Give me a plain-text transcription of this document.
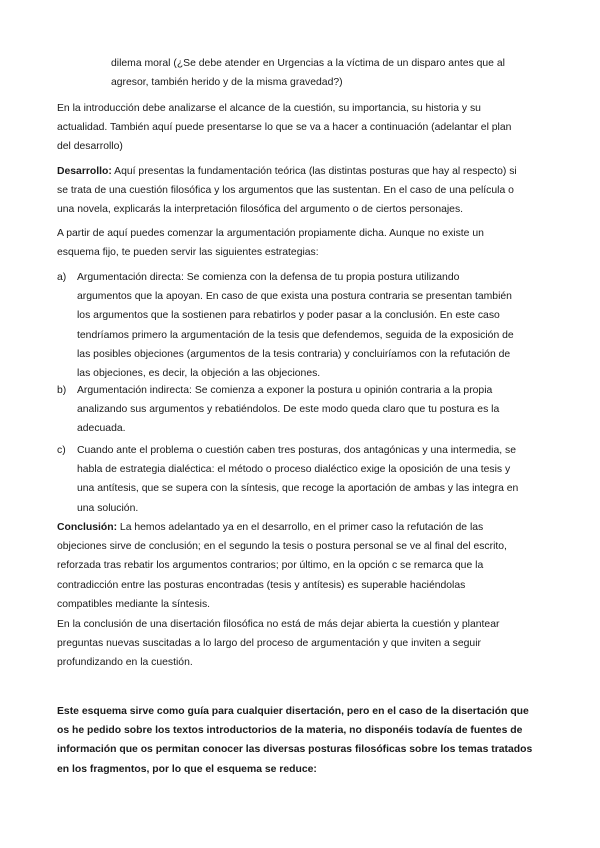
dilema moral (¿Se debe atender en Urgencias a la víctima de un disparo antes que al
agresor, también herido y de la misma gravedad?)
En la introducción debe analizarse el alcance de la cuestión, su importancia, su historia y su
actualidad. También aquí puede presentarse lo que se va a hacer a continuación (adelantar el plan
del desarrollo)
Desarrollo: Aquí presentas la fundamentación teórica (las distintas posturas que hay al respecto) si
se trata de una cuestión filosófica y los argumentos que las sustentan. En el caso de una película o
una novela, explicarás la interpretación filosófica del argumento o de ciertos personajes.
A partir de aquí puedes comenzar la argumentación propiamente dicha. Aunque no existe un
esquema fijo, te pueden servir las siguientes estrategias:
a)	Argumentación directa: Se comienza con la defensa de tu propia postura utilizando
argumentos que la apoyan. En caso de que exista una postura contraria se presentan también
los argumentos que la sostienen para rebatirlos y poder pasar a la conclusión. En este caso
tendríamos primero la argumentación de la tesis que defendemos, seguida de la exposición de
las posibles objeciones (argumentos de la tesis contraria) y concluiríamos con la refutación de
las objeciones, es decir, la objeción a las objeciones.
b)	Argumentación indirecta: Se comienza a exponer la postura u opinión contraria a la propia
analizando sus argumentos y rebatiéndolos. De este modo queda claro que tu postura es la
adecuada.
c)	Cuando ante el problema o cuestión caben tres posturas, dos antagónicas y una intermedia, se
habla de estrategia dialéctica: el método o proceso dialéctico exige la oposición de una tesis y
una antítesis, que se supera con la síntesis, que recoge la aportación de ambas y las integra en
una solución.
Conclusión: La hemos adelantado ya en el desarrollo, en el primer caso la refutación de las
objeciones sirve de conclusión; en el segundo la tesis o postura personal se ve al final del escrito,
reforzada tras rebatir los argumentos contrarios; por último, en la opción c se remarca que la
contradicción entre las posturas encontradas (tesis y antítesis) es superable haciéndolas
compatibles mediante la síntesis.
En la conclusión de una disertación filosófica no está de más dejar abierta la cuestión y plantear
preguntas nuevas suscitadas a lo largo del proceso de argumentación y que inviten a seguir
profundizando en la cuestión.
Este esquema sirve como guía para cualquier disertación, pero en el caso de la disertación que
os he pedido sobre los textos introductorios de la materia, no disponéis todavía de fuentes de
información que os permitan conocer las diversas posturas filosóficas sobre los temas tratados
en los fragmentos, por lo que el esquema se reduce:
